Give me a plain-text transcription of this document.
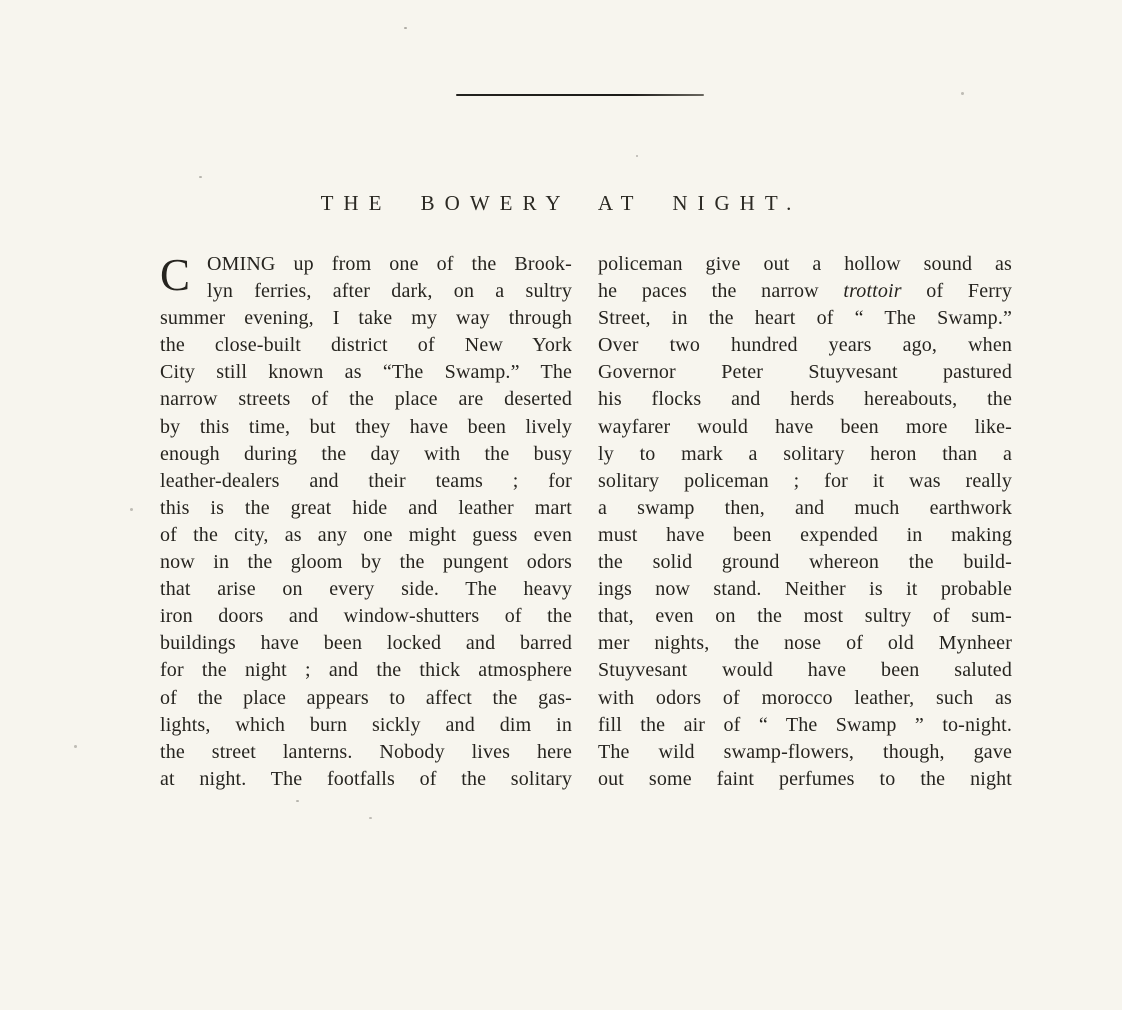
THE BOWERY AT NIGHT.
C OMING up from one of the Brook-
lyn ferries, after dark, on a sultry
summer evening, I take my way through
the close-built district of New York
City still known as “The Swamp.” The
narrow streets of the place are deserted
by this time, but they have been lively
enough during the day with the busy
leather-dealers and their teams ; for
this is the great hide and leather mart
of the city, as any one might guess even
now in the gloom by the pungent odors
that arise on every side. The heavy
iron doors and window-shutters of the
buildings have been locked and barred
for the night ; and the thick atmosphere
of the place appears to affect the gas-
lights, which burn sickly and dim in
the street lanterns. Nobody lives here
at night. The footfalls of the solitary
policeman give out a hollow sound as
he paces the narrow trottoir of Ferry
Street, in the heart of “ The Swamp.”
Over two hundred years ago, when
Governor Peter Stuyvesant pastured
his flocks and herds hereabouts, the
wayfarer would have been more like-
ly to mark a solitary heron than a
solitary policeman ; for it was really
a swamp then, and much earthwork
must have been expended in making
the solid ground whereon the build-
ings now stand. Neither is it probable
that, even on the most sultry of sum-
mer nights, the nose of old Mynheer
Stuyvesant would have been saluted
with odors of morocco leather, such as
fill the air of “ The Swamp ” to-night.
The wild swamp-flowers, though, gave
out some faint perfumes to the night
